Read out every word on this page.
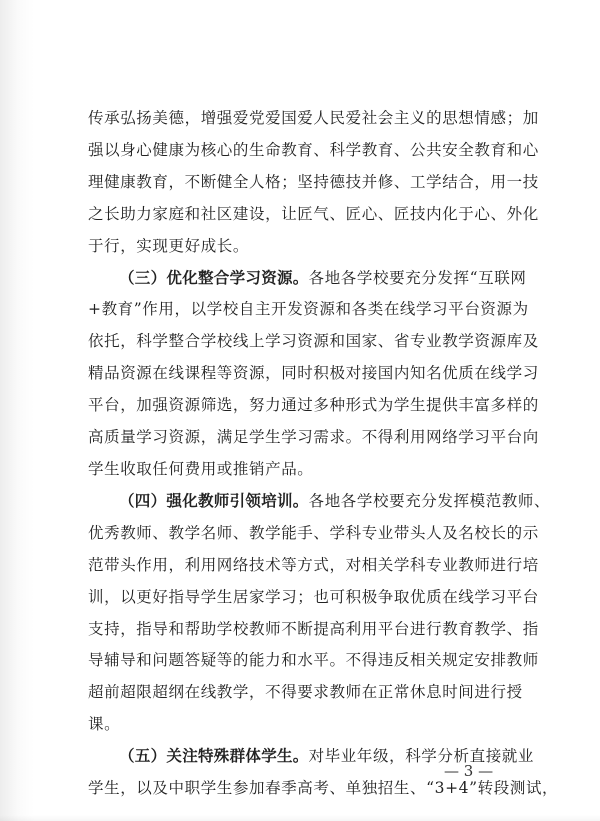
传承弘扬美德，增强爱党爱国爱人民爱社会主义的思想情感；加
强以身心健康为核心的生命教育、科学教育、公共安全教育和心
理健康教育，不断健全人格；坚持德技并修、工学结合，用一技
之长助力家庭和社区建设，让匠气、匠心、匠技内化于心、外化
于行，实现更好成长。
（三）优化整合学习资源。各地各学校要充分发挥“互联网
+教育”作用，以学校自主开发资源和各类在线学习平台资源为
依托，科学整合学校线上学习资源和国家、省专业教学资源库及
精品资源在线课程等资源，同时积极对接国内知名优质在线学习
平台，加强资源筛选，努力通过多种形式为学生提供丰富多样的
高质量学习资源，满足学生学习需求。不得利用网络学习平台向
学生收取任何费用或推销产品。
（四）强化教师引领培训。各地各学校要充分发挥模范教师、
优秀教师、教学名师、教学能手、学科专业带头人及名校长的示
范带头作用，利用网络技术等方式，对相关学科专业教师进行培
训，以更好指导学生居家学习；也可积极争取优质在线学习平台
支持，指导和帮助学校教师不断提高利用平台进行教育教学、指
导辅导和问题答疑等的能力和水平。不得违反相关规定安排教师
超前超限超纲在线教学，不得要求教师在正常休息时间进行授
课。
（五）关注特殊群体学生。对毕业年级，科学分析直接就业
学生，以及中职学生参加春季高考、单独招生、“3+4”转段测试，
— 3 —
